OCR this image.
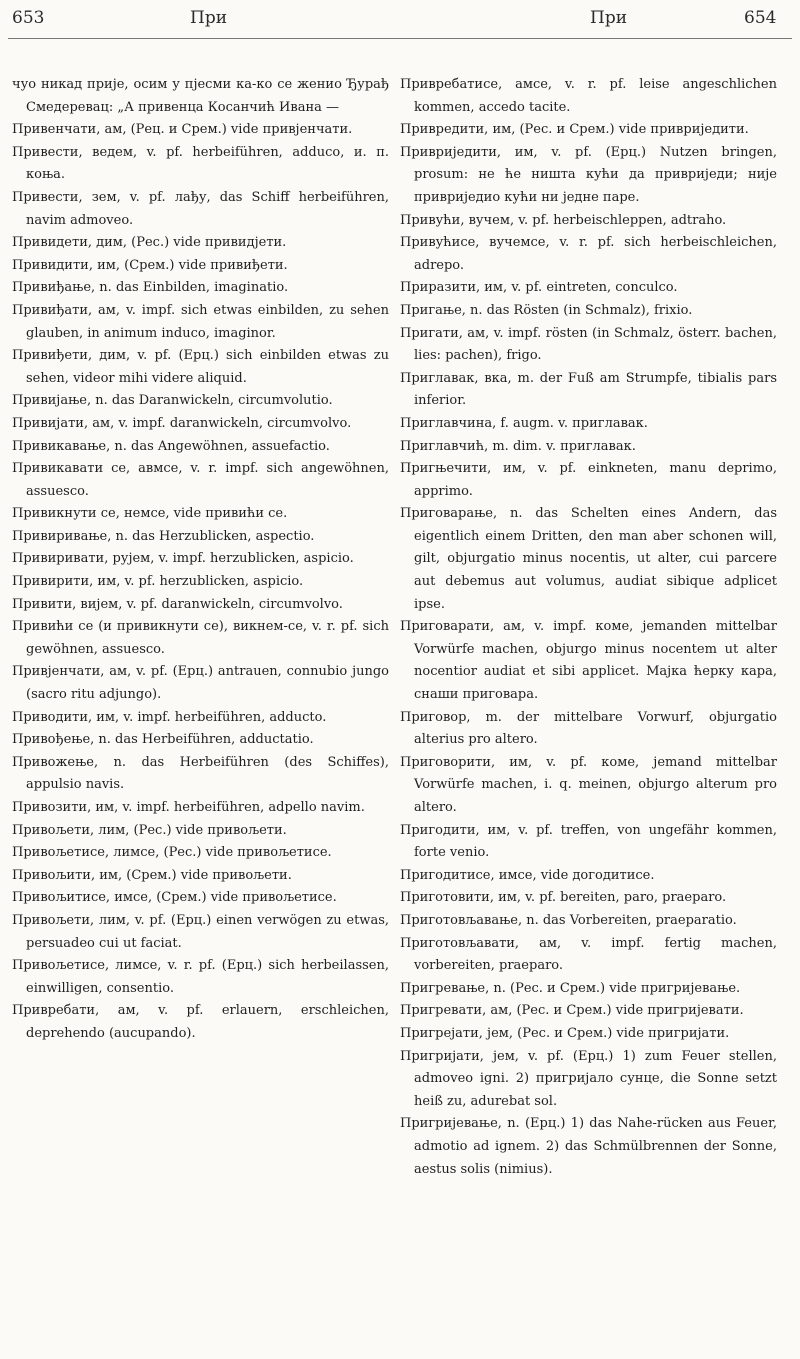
653	При	При	654
чуо никад прије, осим у пјесми ка-ко се женио Ђурађ Смедеревац: „А привенца Косанчић Ивана —
Привенчати, ам, (Рец. и Срем.) vide привјенчати.
Привести, ведем, v. pf. herbeiführen, adduco, и. п. коња.
Привести, зем, v. pf. лађу, das Schiff herbeiführen, navim admoveo.
Привидети, дим, (Рес.) vide привидјети.
Привидити, им, (Срем.) vide привиђети.
Привиђање, n. das Einbilden, imaginatio.
Привиђати, ам, v. impf. sich etwas einbilden, zu sehen glauben, in animum induco, imaginor.
Привиђети, дим, v. pf. (Ерц.) sich einbilden etwas zu sehen, videor mihi videre aliquid.
Привијање, n. das Daranwickeln, circumvolutio.
Привијати, ам, v. impf. daranwickeln, circumvolvo.
Привикавање, n. das Angewöhnen, assuefactio.
Привикавати се, авмсе, v. r. impf. sich angewöhnen, assuesco.
Привикнути се, немсе, vide привићи се.
Привиривање, n. das Herzublicken, aspectio.
Привиривати, рујем, v. impf. herzublicken, aspicio.
Привирити, им, v. pf. herzublicken, aspicio.
Привити, вијем, v. pf. daranwickeln, circumvolvo.
Привићи се (и привикнути се), викнем-се, v. r. pf. sich gewöhnen, assuesco.
Привјенчати, ам, v. pf. (Ерц.) antrauen, connubio jungo (sacro ritu adjungo).
Привoдити, им, v. impf. herbeiführen, adducto.
Привођење, n. das Herbeiführen, adductatio.
Привожење, n. das Herbeiführen (des Schiffes), appulsio navis.
Привозити, им, v. impf. herbeiführen, adpello navim.
Привољети, лим, (Рес.) vide привољети.
Привољетисе, лимсе, (Рес.) vide привољетисе.
Привољити, им, (Срем.) vide привољети.
Привољитисе, имсе, (Срем.) vide привољетисе.
Привољети, лим, v. pf. (Ерц.) einen verwögen zu etwas, persuadeo cui ut faciat.
Привољетисе, лимсе, v. r. pf. (Ерц.) sich herbeilassen, einwilligen, consentio.
Привребати, ам, v. pf. erlauern, erschleichen, deprehendo (aucupando).
Привребатисе, амсе, v. r. pf. leise angeschlichen kommen, accedo tacite.
Привредити, им, (Рес. и Срем.) vide привриједити.
Привриједити, им, v. pf. (Ерц.) Nutzen bringen, prosum: не ће ништа кући да привриједи; није привриједио кући ни једне паре.
Привући, вучем, v. pf. herbeischleppen, adtraho.
Привућисе, вучемсе, v. r. pf. sich herbeischleichen, adrepo.
Приразити, им, v. pf. eintreten, conculco.
Пригање, n. das Rösten (in Schmalz), frixio.
Пригати, ам, v. impf. rösten (in Schmalz, österr. bachen, lies: pachen), frigo.
Приглавак, вка, m. der Fuß am Strumpfe, tibialis pars inferior.
Приглавчина, f. augm. v. приглавак.
Приглавчић, m. dim. v. приглавак.
Пригњечити, им, v. pf. einkneten, manu deprimo, apprimo.
Приговарање, n. das Schelten eines Andern, das eigentlich einem Dritten, den man aber schonen will, gilt, objurgatio minus nocentis, ut alter, cui parcere aut debemus aut volumus, audiat sibique adplicet ipse.
Приговарати, ам, v. impf. коме, jemanden mittelbar Vorwürfe machen, objurgo minus nocentem ut alter nocentior audiat et sibi applicet. Мајка ћерку кара, снаши приговара.
Приговор, m. der mittelbare Vorwurf, objurgatio alterius pro altero.
Приговорити, им, v. pf. коме, jemand mittelbar Vorwürfe machen, i. q. meinen, objurgo alterum pro altero.
Пригодити, им, v. pf. treffen, von ungefähr kommen, forte venio.
Пригодитисе, имсе, vide догодитисе.
Приготовити, им, v. pf. bereiten, paro, praeparo.
Приготовљавање, n. das Vorbereiten, praeparatio.
Приготовљавати, ам, v. impf. fertig machen, vorbereiten, praeparo.
Пригревање, n. (Рес. и Срем.) vide пригријевање.
Пригревати, ам, (Рес. и Срем.) vide пригријевати.
Пригрејати, јем, (Рес. и Срем.) vide пригријати.
Пригријати, јем, v. pf. (Ерц.) 1) zum Feuer stellen, admoveo igni. 2) пригријало сунце, die Sonne setzt heiß zu, adurebat sol.
Пригријевање, n. (Ерц.) 1) das Nahe-rücken aus Feuer, admotio ad ignem. 2) das Schmülbrennen der Sonne, aestus solis (nimius).
